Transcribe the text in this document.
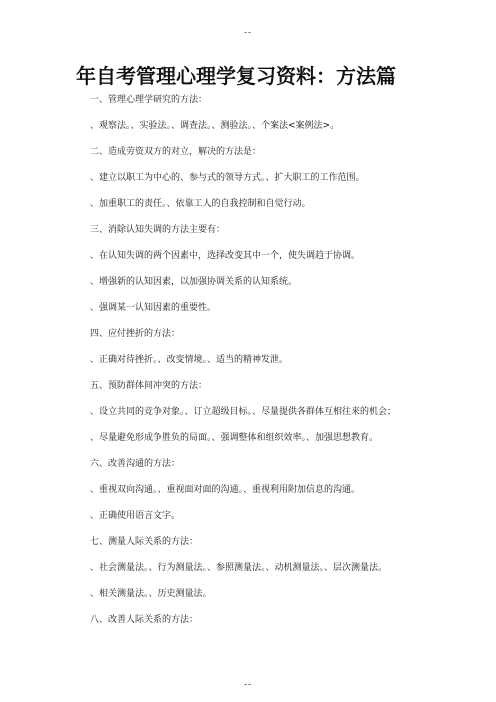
--
年自考管理心理学复习资料：方法篇

一、管理心理学研究的方法：

、观察法。、实验法。、调查法。、测验法。、个案法<案例法>。

二、造成劳资双方的对立，解决的方法是：

、建立以职工为中心的、参与式的领导方式。、扩大职工的工作范围。

、加重职工的责任。、依靠工人的自我控制和自觉行动。

三、消除认知失调的方法主要有：

、在认知失调的两个因素中，选择改变其中一个，使失调趋于协调。

、增强新的认知因素，以加强协调关系的认知系统。

、强调某一认知因素的重要性。

四、应付挫折的方法：

、正确对待挫折。、改变情境。、适当的精神发泄。

五、预防群体间冲突的方法：

、设立共同的竞争对象。、订立超级目标。、尽量提供各群体互相往来的机会；

、尽量避免形成争胜负的局面。、强调整体和组织效率。、加强思想教育。

六、改善沟通的方法：

、重视双向沟通。、重视面对面的沟通。、重视利用附加信息的沟通。

、正确使用语言文字。

七、测量人际关系的方法：

、社会测量法。、行为测量法。、参照测量法。、动机测量法。、层次测量法。

、相关测量法。、历史测量法。

八、改善人际关系的方法：

--
